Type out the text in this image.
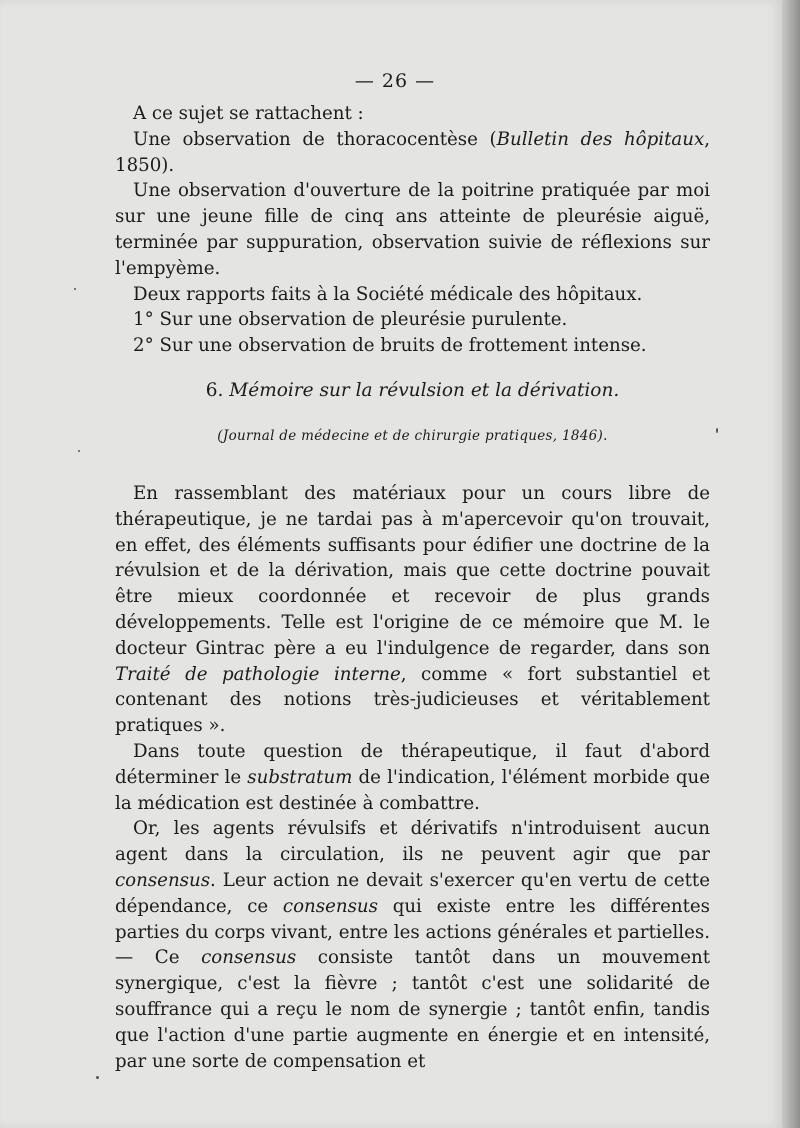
— 26 —

A ce sujet se rattachent :

Une observation de thoracocentèse (Bulletin des hôpitaux, 1850).

Une observation d'ouverture de la poitrine pratiquée par moi sur une jeune fille de cinq ans atteinte de pleurésie aiguë, terminée par suppuration, observation suivie de réflexions sur l'empyème.

Deux rapports faits à la Société médicale des hôpitaux.

1° Sur une observation de pleurésie purulente.

2° Sur une observation de bruits de frottement intense.

6. Mémoire sur la révulsion et la dérivation.
(Journal de médecine et de chirurgie pratiques, 1846).

En rassemblant des matériaux pour un cours libre de thérapeutique, je ne tardai pas à m'apercevoir qu'on trouvait, en effet, des éléments suffisants pour édifier une doctrine de la révulsion et de la dérivation, mais que cette doctrine pouvait être mieux coordonnée et recevoir de plus grands développements. Telle est l'origine de ce mémoire que M. le docteur Gintrac père a eu l'indulgence de regarder, dans son Traité de pathologie interne, comme « fort substantiel et contenant des notions très-judicieuses et véritablement pratiques ».

Dans toute question de thérapeutique, il faut d'abord déterminer le substratum de l'indication, l'élément morbide que la médication est destinée à combattre.

Or, les agents révulsifs et dérivatifs n'introduisent aucun agent dans la circulation, ils ne peuvent agir que par consensus. Leur action ne devait s'exercer qu'en vertu de cette dépendance, ce consensus qui existe entre les différentes parties du corps vivant, entre les actions générales et partielles. — Ce consensus consiste tantôt dans un mouvement synergique, c'est la fièvre ; tantôt c'est une solidarité de souffrance qui a reçu le nom de synergie ; tantôt enfin, tandis que l'action d'une partie augmente en énergie et en intensité, par une sorte de compensation et
